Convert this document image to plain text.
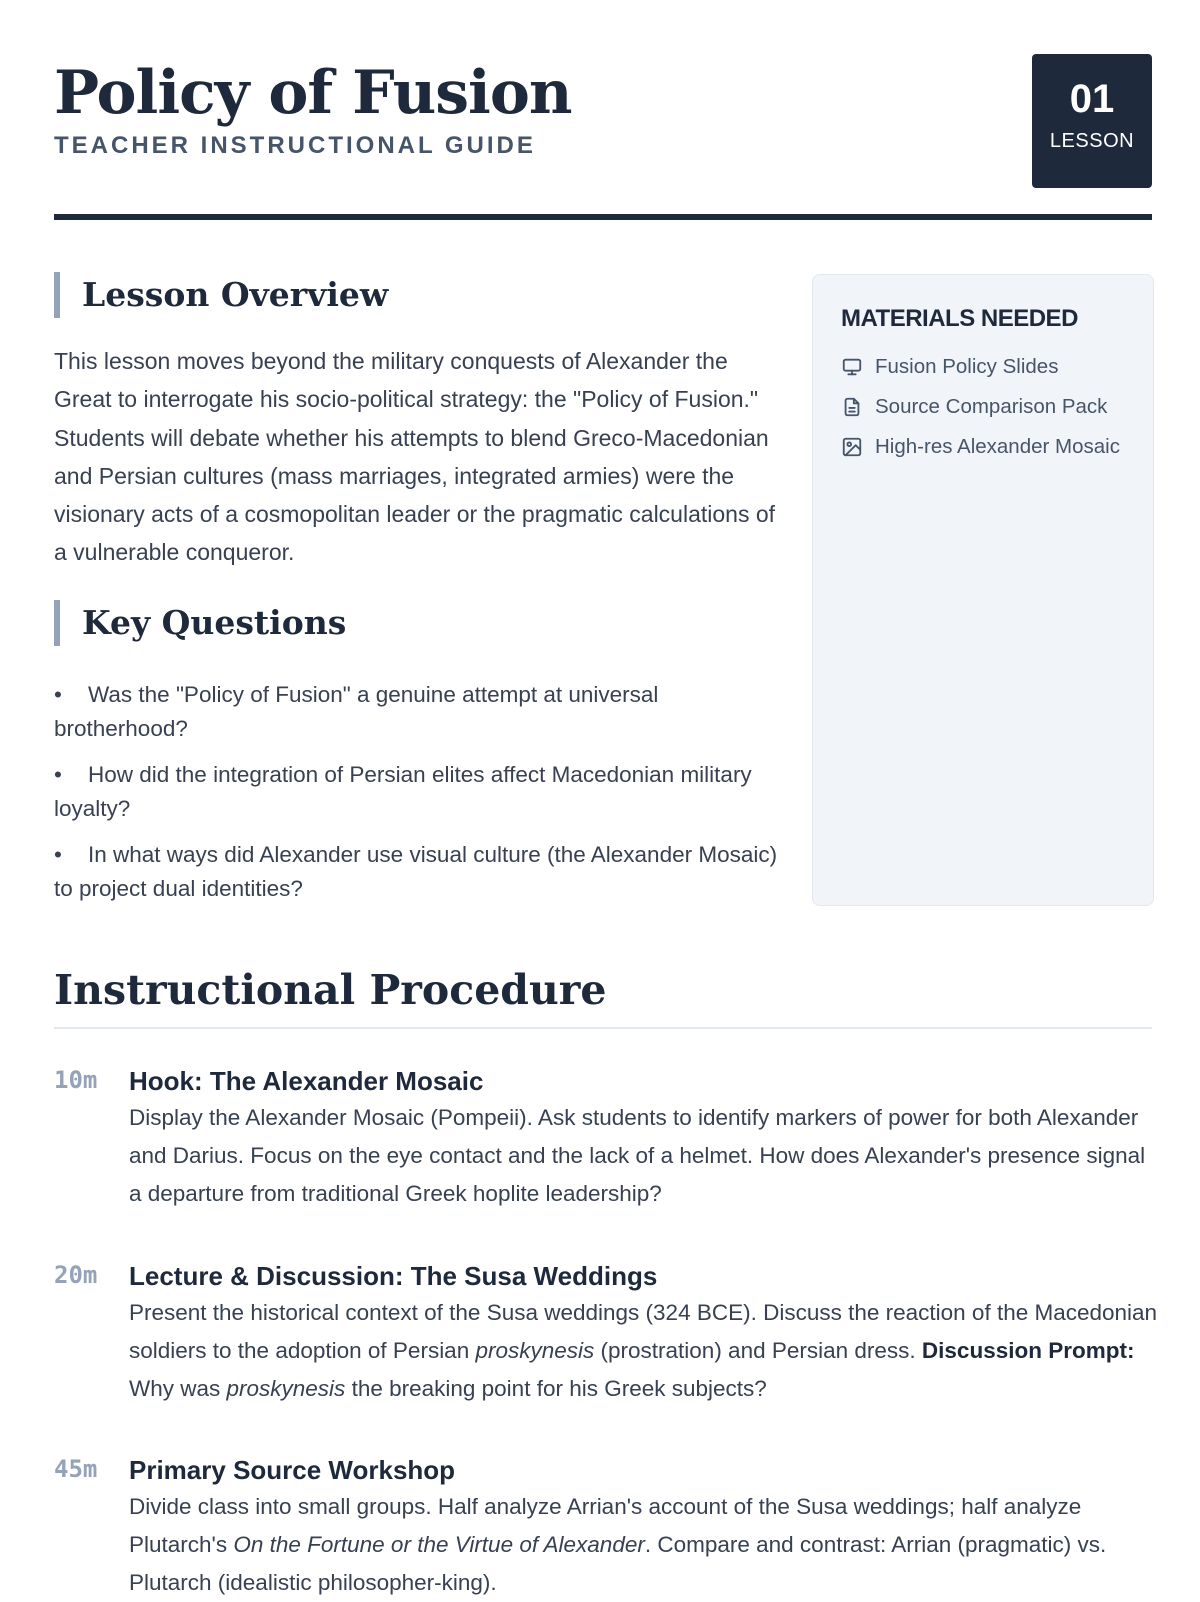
Policy of Fusion
TEACHER INSTRUCTIONAL GUIDE
01
LESSON
Lesson Overview

This lesson moves beyond the military conquests of Alexander the Great to interrogate his socio-political strategy: the "Policy of Fusion." Students will debate whether his attempts to blend Greco-Macedonian and Persian cultures (mass marriages, integrated armies) were the visionary acts of a cosmopolitan leader or the pragmatic calculations of a vulnerable conqueror.

Key Questions
• Was the "Policy of Fusion" a genuine attempt at universal brotherhood?
• How did the integration of Persian elites affect Macedonian military loyalty?
• In what ways did Alexander use visual culture (the Alexander Mosaic) to project dual identities?
MATERIALS NEEDED
Fusion Policy Slides
Source Comparison Pack
High-res Alexander Mosaic
Instructional Procedure
10m Hook: The Alexander Mosaic

Display the Alexander Mosaic (Pompeii). Ask students to identify markers of power for both Alexander and Darius. Focus on the eye contact and the lack of a helmet. How does Alexander's presence signal a departure from traditional Greek hoplite leadership?

20m Lecture & Discussion: The Susa Weddings

Present the historical context of the Susa weddings (324 BCE). Discuss the reaction of the Macedonian soldiers to the adoption of Persian proskynesis (prostration) and Persian dress. Discussion Prompt: Why was proskynesis the breaking point for his Greek subjects?

45m Primary Source Workshop

Divide class into small groups. Half analyze Arrian's account of the Susa weddings; half analyze Plutarch's On the Fortune or the Virtue of Alexander. Compare and contrast: Arrian (pragmatic) vs. Plutarch (idealistic philosopher-king).
